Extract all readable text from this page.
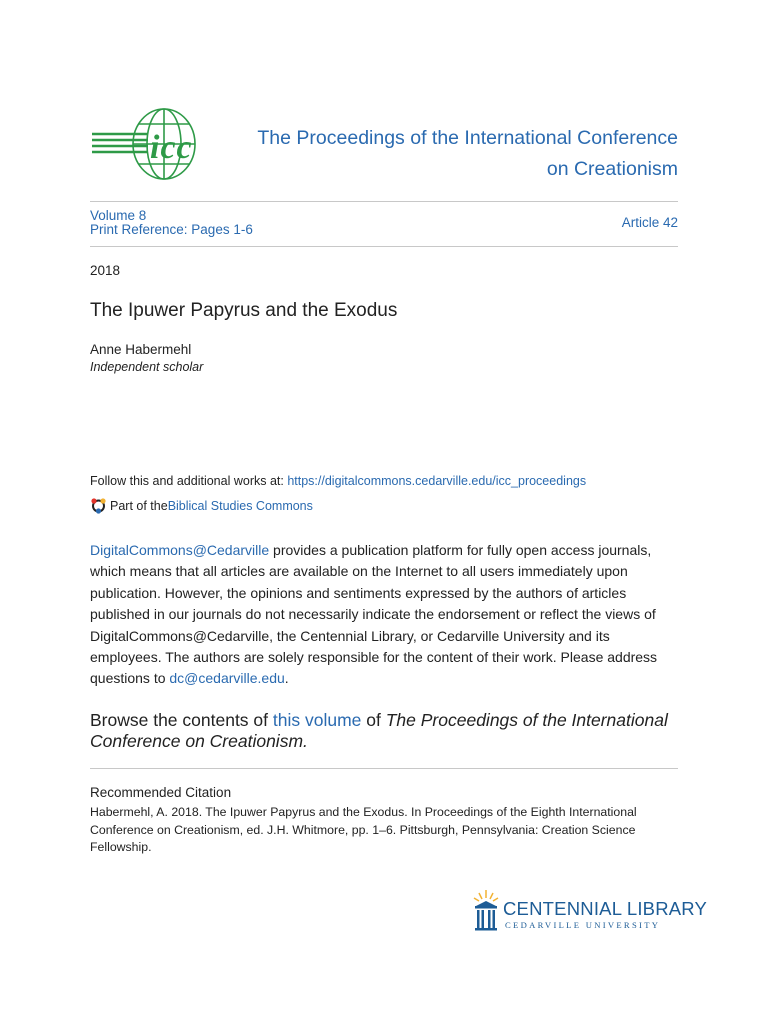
icc	The Proceedings of the International Conference
on Creationism
Volume 8
Print Reference: Pages 1-6	Article 42
2018
The Ipuwer Papyrus and the Exodus
Anne Habermehl
Independent scholar
Follow this and additional works at: https://digitalcommons.cedarville.edu/icc_proceedings
Part of the Biblical Studies Commons
DigitalCommons@Cedarville provides a publication platform for fully open access journals, which means that all articles are available on the Internet to all users immediately upon publication. However, the opinions and sentiments expressed by the authors of articles published in our journals do not necessarily indicate the endorsement or reflect the views of DigitalCommons@Cedarville, the Centennial Library, or Cedarville University and its employees. The authors are solely responsible for the content of their work. Please address questions to dc@cedarville.edu.
Browse the contents of this volume of The Proceedings of the International Conference on Creationism.
Recommended Citation
Habermehl, A. 2018. The Ipuwer Papyrus and the Exodus. In Proceedings of the Eighth International Conference on Creationism, ed. J.H. Whitmore, pp. 1–6. Pittsburgh, Pennsylvania: Creation Science Fellowship.
CENTENNIAL LIBRARY
CEDARVILLE UNIVERSITY
